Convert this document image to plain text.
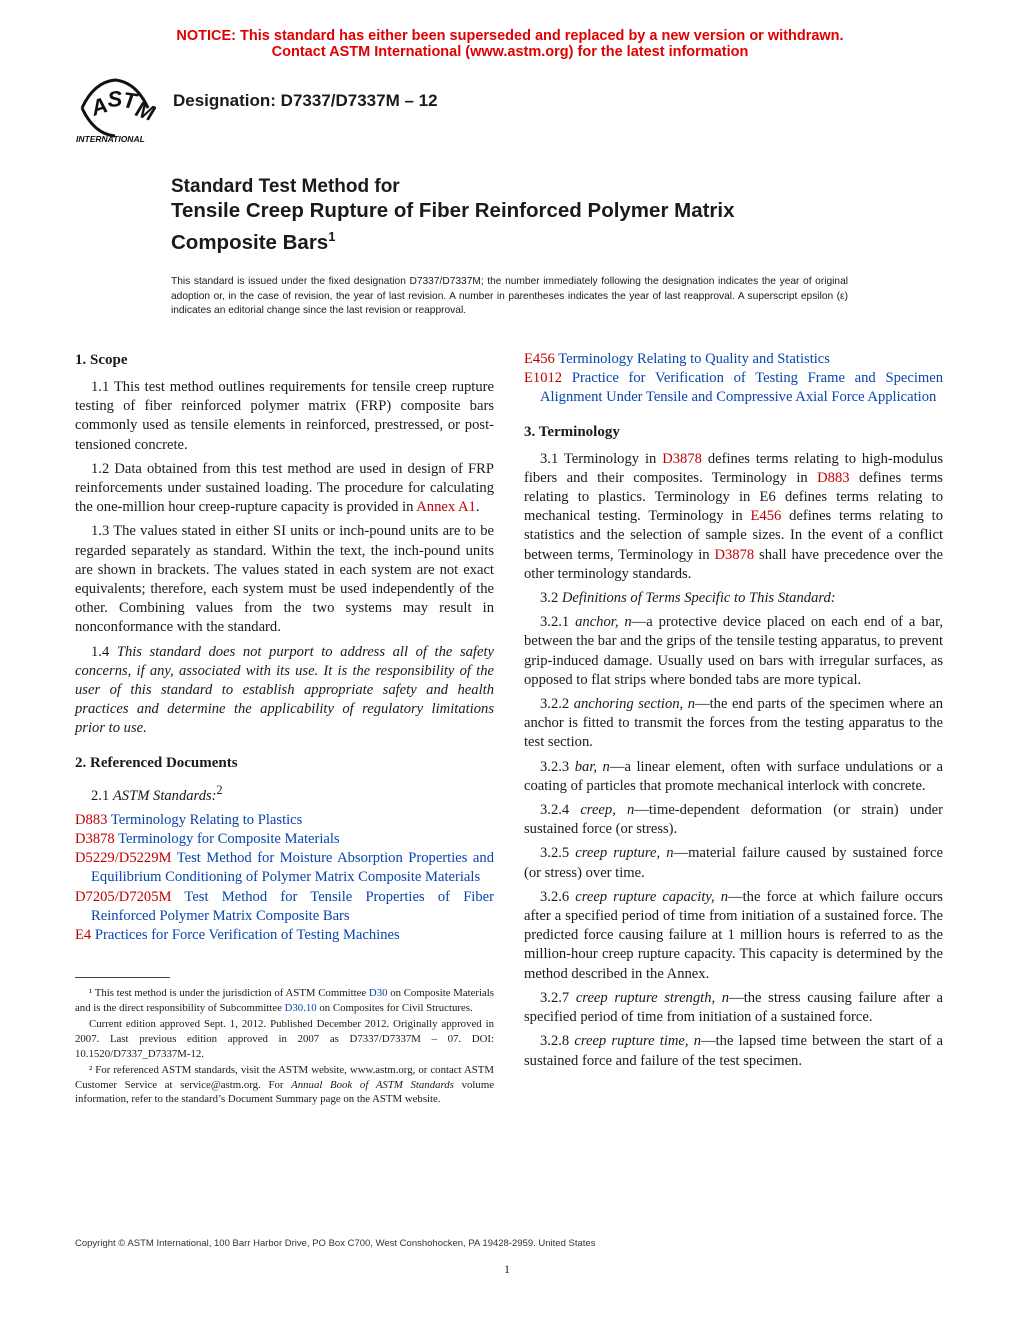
NOTICE: This standard has either been superseded and replaced by a new version or withdrawn.
Contact ASTM International (www.astm.org) for the latest information
A
S
T
M
INTERNATIONAL
Designation: D7337/D7337M – 12
Standard Test Method for
Tensile Creep Rupture of Fiber Reinforced Polymer Matrix
Composite Bars$^1$
This standard is issued under the fixed designation D7337/D7337M; the number immediately following the designation indicates the year of original adoption or, in the case of revision, the year of last revision. A number in parentheses indicates the year of last reapproval. A superscript epsilon (ε) indicates an editorial change since the last revision or reapproval.
1. Scope

1.1 This test method outlines requirements for tensile creep rupture testing of fiber reinforced polymer matrix (FRP) composite bars commonly used as tensile elements in reinforced, prestressed, or post-tensioned concrete.

1.2 Data obtained from this test method are used in design of FRP reinforcements under sustained loading. The procedure for calculating the one-million hour creep-rupture capacity is provided in Annex A1.

1.3 The values stated in either SI units or inch-pound units are to be regarded separately as standard. Within the text, the inch-pound units are shown in brackets. The values stated in each system are not exact equivalents; therefore, each system must be used independently of the other. Combining values from the two systems may result in nonconformance with the standard.

1.4 This standard does not purport to address all of the safety concerns, if any, associated with its use. It is the responsibility of the user of this standard to establish appropriate safety and health practices and determine the applicability of regulatory limitations prior to use.

2. Referenced Documents

2.1 ASTM Standards:$^2$

D883 Terminology Relating to Plastics
D3878 Terminology for Composite Materials
D5229/D5229M Test Method for Moisture Absorption Properties and Equilibrium Conditioning of Polymer Matrix Composite Materials
D7205/D7205M Test Method for Tensile Properties of Fiber Reinforced Polymer Matrix Composite Bars
E4 Practices for Force Verification of Testing Machines
¹ This test method is under the jurisdiction of ASTM Committee D30 on Composite Materials and is the direct responsibility of Subcommittee D30.10 on Composites for Civil Structures.
Current edition approved Sept. 1, 2012. Published December 2012. Originally approved in 2007. Last previous edition approved in 2007 as D7337/D7337M – 07. DOI: 10.1520/D7337_D7337M-12.
² For referenced ASTM standards, visit the ASTM website, www.astm.org, or contact ASTM Customer Service at service@astm.org. For Annual Book of ASTM Standards volume information, refer to the standard’s Document Summary page on the ASTM website.
E456 Terminology Relating to Quality and Statistics
E1012 Practice for Verification of Testing Frame and Specimen Alignment Under Tensile and Compressive Axial Force Application
3. Terminology

3.1 Terminology in D3878 defines terms relating to high-modulus fibers and their composites. Terminology in D883 defines terms relating to plastics. Terminology in E6 defines terms relating to mechanical testing. Terminology in E456 defines terms relating to statistics and the selection of sample sizes. In the event of a conflict between terms, Terminology in D3878 shall have precedence over the other terminology standards.

3.2 Definitions of Terms Specific to This Standard:

3.2.1 anchor, n—a protective device placed on each end of a bar, between the bar and the grips of the tensile testing apparatus, to prevent grip-induced damage. Usually used on bars with irregular surfaces, as opposed to flat strips where bonded tabs are more typical.

3.2.2 anchoring section, n—the end parts of the specimen where an anchor is fitted to transmit the forces from the testing apparatus to the test section.

3.2.3 bar, n—a linear element, often with surface undulations or a coating of particles that promote mechanical interlock with concrete.

3.2.4 creep, n—time-dependent deformation (or strain) under sustained force (or stress).

3.2.5 creep rupture, n—material failure caused by sustained force (or stress) over time.

3.2.6 creep rupture capacity, n—the force at which failure occurs after a specified period of time from initiation of a sustained force. The predicted force causing failure at 1 million hours is referred to as the million-hour creep rupture capacity. This capacity is determined by the method described in the Annex.

3.2.7 creep rupture strength, n—the stress causing failure after a specified period of time from initiation of a sustained force.

3.2.8 creep rupture time, n—the lapsed time between the start of a sustained force and failure of the test specimen.

Copyright © ASTM International, 100 Barr Harbor Drive, PO Box C700, West Conshohocken, PA 19428-2959. United States
1
